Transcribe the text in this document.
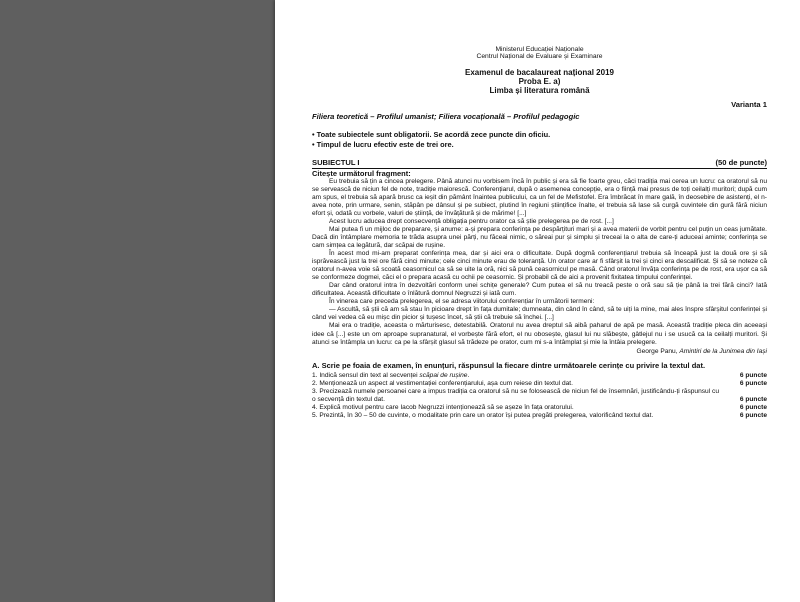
Ministerul Educației Naționale
Centrul Național de Evaluare și Examinare
Examenul de bacalaureat național 2019
Proba E. a)
Limba și literatura română
Varianta 1
Filiera teoretică – Profilul umanist; Filiera vocațională – Profilul pedagogic
• Toate subiectele sunt obligatorii. Se acordă zece puncte din oficiu.
• Timpul de lucru efectiv este de trei ore.
SUBIECTUL I	(50 de puncte)
Citește următorul fragment:

Eu trebuia să țin a cincea prelegere. Până atunci nu vorbisem încă în public și era să fie foarte greu, căci tradiția mai cerea un lucru: ca oratorul să nu se servească de niciun fel de note, tradiție maiorescă. Conferențiarul, după o asemenea concepție, era o ființă mai presus de toți ceilalți muritori; după cum am spus, el trebuia să apară brusc ca ieșit din pământ înaintea publicului, ca un fel de Mefistofel. Era îmbrăcat în mare gală, în deosebire de asistenți, el n-avea note, prin urmare, senin, stăpân pe dânsul și pe subiect, plutind în regiuni științifice înalte, el trebuia să lase să curgă cuvintele din gură fără niciun efort și, odată cu vorbele, valuri de știință, de învățătură și de mărime! [...]

Acest lucru aducea drept consecvență obligația pentru orator ca să știe prelegerea pe de rost. [...]

Mai putea fi un mijloc de preparare, și anume: a-și prepara conferința pe despărțituri mari și a avea materii de vorbit pentru cel puțin un ceas jumătate. Dacă din întâmplare memoria te trăda asupra unei părți, nu făceai nimic, o săreai pur și simplu și treceai la o alta de care-ți aduceai aminte; conferința se cam simțea ca legătură, dar scăpai de rușine.

În acest mod mi-am preparat conferința mea, dar și aici era o dificultate. După dogmă conferențiarul trebuia să înceapă just la două ore și să isprăvească just la trei ore fără cinci minute; cele cinci minute erau de toleranță. Un orator care ar fi sfârșit la trei și cinci era descalificat. Și să se noteze că oratorul n-avea voie să scoată ceasornicul ca să se uite la oră, nici să pună ceasornicul pe masă. Când oratorul învăța conferința pe de rost, era ușor ca să se conformeze dogmei, căci el o prepara acasă cu ochii pe ceasornic. Și probabil că de aici a provenit fixitatea timpului conferinței.

Dar când oratorul intra în dezvoltări conform unei schițe generale? Cum putea el să nu treacă peste o oră sau să ție până la trei fără cinci? Iată dificultatea. Această dificultate o înlătură domnul Negruzzi și iată cum.

În vinerea care preceda prelegerea, el se adresa viitorului conferențiar în următorii termeni:

— Ascultă, să știi că am să stau în picioare drept în fața dumitale; dumneata, din când în când, să te uiți la mine, mai ales înspre sfârșitul conferinței și când vei vedea că eu mișc din picior și tușesc încet, să știi că trebuie să închei. [...]

Mai era o tradiție, aceasta o mărturisesc, detestabilă. Oratorul nu avea dreptul să aibă paharul de apă pe masă. Această tradiție pleca din aceeași idee că [...] este un om aproape supranatural, el vorbește fără efort, el nu obosește, glasul lui nu slăbește, gâtlejul nu i se usucă ca la ceilalți muritori. Și atunci se întâmpla un lucru: ca pe la sfârșit glasul să trădeze pe orator, cum mi s-a întâmplat și mie la întâia prelegere.

George Panu, Amintiri de la Junimea din Iași
A. Scrie pe foaia de examen, în enunțuri, răspunsul la fiecare dintre următoarele cerințe cu privire la textul dat.
1. Indică sensul din text al secvenței scăpai de rușine.	6 puncte
2. Menționează un aspect al vestimentației conferențiarului, așa cum reiese din textul dat.	6 puncte
3. Precizează numele persoanei care a impus tradiția ca oratorul să nu se folosească de niciun fel de însemnări, justificându-ți răspunsul cu o secvență din textul dat.	6 puncte
4. Explică motivul pentru care Iacob Negruzzi intenționează să se așeze în fața oratorului.	6 puncte
5. Prezintă, în 30 – 50 de cuvinte, o modalitate prin care un orator își putea pregăti prelegerea, valorificând textul dat.	6 puncte
